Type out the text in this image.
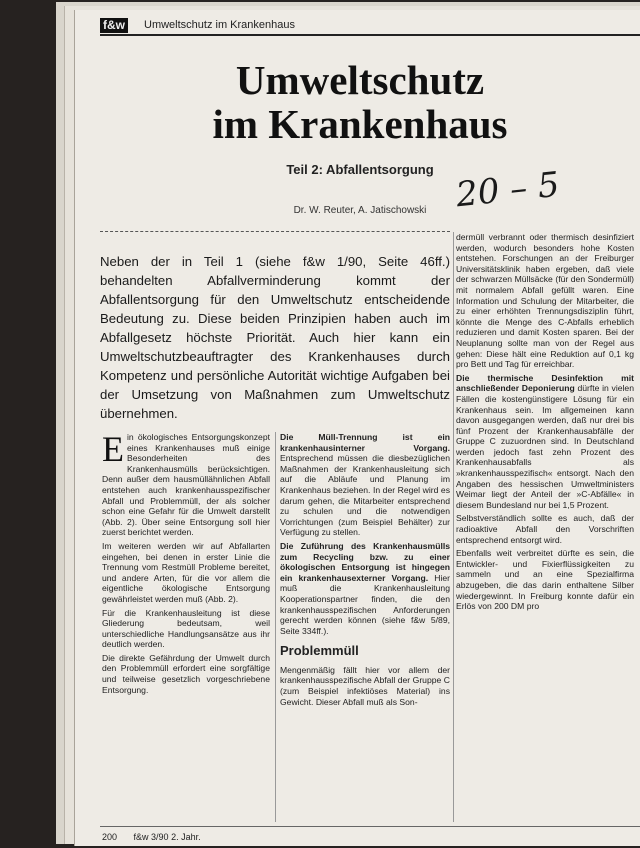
f&w Umweltschutz im Krankenhaus
Umweltschutz
im Krankenhaus
Teil 2: Abfallentsorgung 20 – 5
Dr. W. Reuter, A. Jatischowski
Neben der in Teil 1 (siehe f&w 1/90, Seite 46ff.) behandelten Abfallverminderung kommt der Abfallentsorgung für den Umweltschutz entscheidende Bedeutung zu. Diese beiden Prinzipien haben auch im Abfallgesetz höchste Priorität. Auch hier kann ein Umweltschutzbeauftragter des Krankenhauses durch Kompetenz und persönliche Autorität wichtige Aufgaben bei der Umsetzung von Maßnahmen zum Umweltschutz übernehmen.

Ein ökologisches Entsorgungskonzept eines Krankenhauses muß einige Besonderheiten des Krankenhausmülls berücksichtigen. Denn außer dem hausmüllähnlichen Abfall entstehen auch krankenhausspezifischer Abfall und Problemmüll, der als solcher schon eine Gefahr für die Umwelt darstellt (Abb. 2). Über seine Entsorgung soll hier zuerst berichtet werden.

Im weiteren werden wir auf Abfallarten eingehen, bei denen in erster Linie die Trennung vom Restmüll Probleme bereitet, und andere Arten, für die vor allem die eigentliche ökologische Entsorgung gewährleistet werden muß (Abb. 2).

Für die Krankenhausleitung ist diese Gliederung bedeutsam, weil unterschiedliche Handlungsansätze aus ihr deutlich werden.

Die direkte Gefährdung der Umwelt durch den Problemmüll erfordert eine sorgfältige und teilweise gesetzlich vorgeschriebene Entsorgung.

Die Müll-Trennung ist ein krankenhausinterner Vorgang. Entsprechend müssen die diesbezüglichen Maßnahmen der Krankenhausleitung sich auf die Abläufe und Planung im Krankenhaus beziehen. In der Regel wird es darum gehen, die Mitarbeiter entsprechend zu schulen und die notwendigen Vorrichtungen (zum Beispiel Behälter) zur Verfügung zu stellen.

Die Zuführung des Krankenhausmülls zum Recycling bzw. zu einer ökologischen Entsorgung ist hingegen ein krankenhausexterner Vorgang. Hier muß die Krankenhausleitung Kooperationspartner finden, die den krankenhausspezifischen Anforderungen gerecht werden können (siehe f&w 5/89, Seite 334ff.).

Problemmüll

Mengenmäßig fällt hier vor allem der krankenhausspezifische Abfall der Gruppe C (zum Beispiel infektiöses Material) ins Gewicht. Dieser Abfall muß als Son-

dermüll verbrannt oder thermisch desinfiziert werden, wodurch besonders hohe Kosten entstehen. Forschungen an der Freiburger Universitätsklinik haben ergeben, daß viele der schwarzen Müllsäcke (für den Sondermüll) mit normalem Abfall gefüllt waren. Eine Information und Schulung der Mitarbeiter, die zu einer erhöhten Trennungsdisziplin führt, könnte die Menge des C-Abfalls erheblich reduzieren und damit Kosten sparen. Bei der Neuplanung sollte man von der Regel aus gehen: Diese hält eine Reduktion auf 0,1 kg pro Bett und Tag für erreichbar.

Die thermische Desinfektion mit anschließender Deponierung dürfte in vielen Fällen die kostengünstigere Lösung für ein Krankenhaus sein. Im allgemeinen kann davon ausgegangen werden, daß nur drei bis fünf Prozent der Krankenhausabfälle der Gruppe C zuzuordnen sind. In Deutschland werden jedoch fast zehn Prozent des Krankenhausabfalls als »krankenhausspezifisch« entsorgt. Nach den Angaben des hessischen Umweltministers Weimar liegt der Anteil der »C-Abfälle« in diesem Bundesland nur bei 1,5 Prozent.

Selbstverständlich sollte es auch, daß der radioaktive Abfall den Vorschriften entsprechend entsorgt wird.

Ebenfalls weit verbreitet dürfte es sein, die Entwickler- und Fixierflüssigkeiten zu sammeln und an eine Spezialfirma abzugeben, die das darin enthaltene Silber wiedergewinnt. In Freiburg konnte dafür ein Erlös von 200 DM pro

200 f&w 3/90 2. Jahr.
